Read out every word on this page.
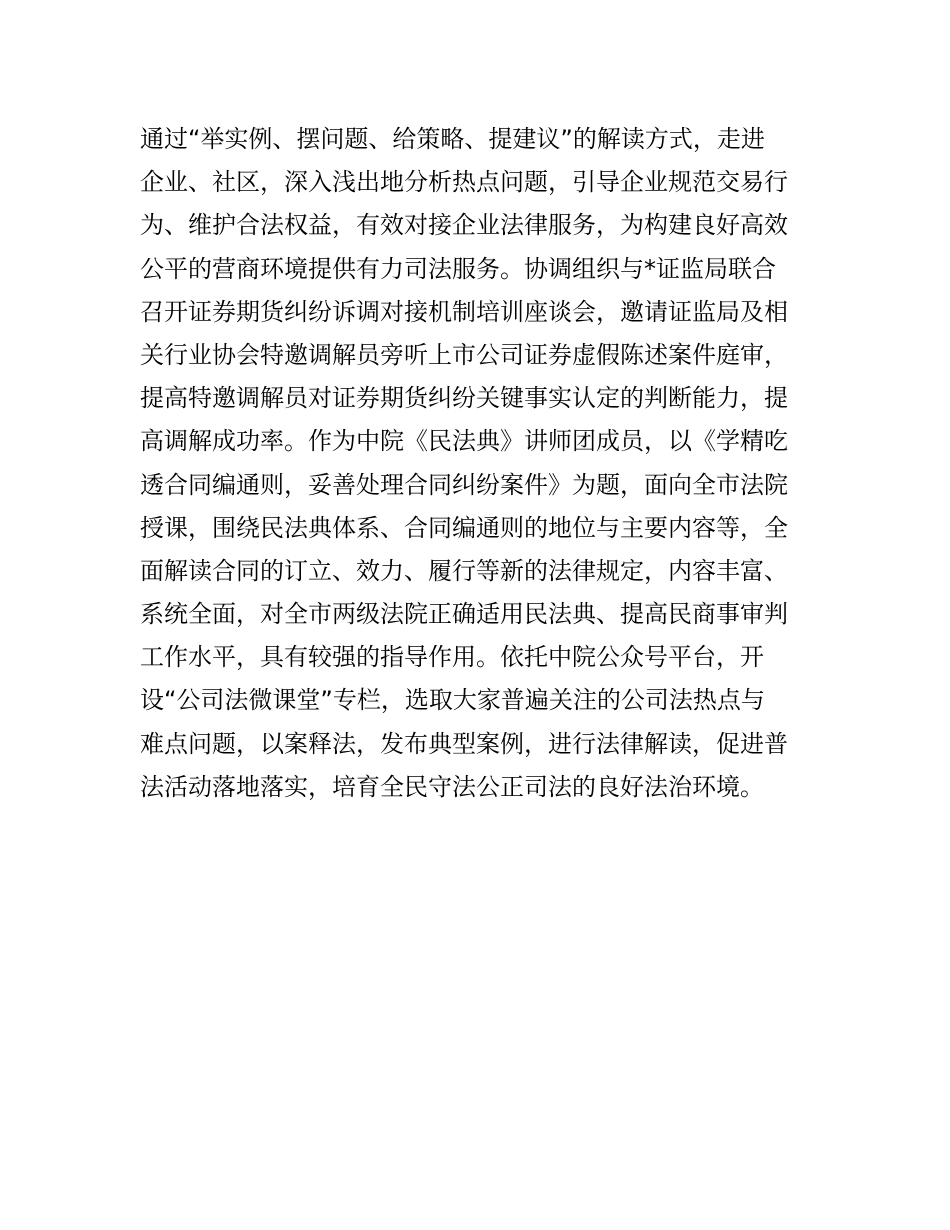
通过“举实例、摆问题、给策略、提建议”的解读方式，走进
企业、社区，深入浅出地分析热点问题，引导企业规范交易行
为、维护合法权益，有效对接企业法律服务，为构建良好高效
公平的营商环境提供有力司法服务。协调组织与*证监局联合
召开证券期货纠纷诉调对接机制培训座谈会，邀请证监局及相
关行业协会特邀调解员旁听上市公司证券虚假陈述案件庭审，
提高特邀调解员对证券期货纠纷关键事实认定的判断能力，提
高调解成功率。作为中院《民法典》讲师团成员，以《学精吃
透合同编通则，妥善处理合同纠纷案件》为题，面向全市法院
授课，围绕民法典体系、合同编通则的地位与主要内容等，全
面解读合同的订立、效力、履行等新的法律规定，内容丰富、
系统全面，对全市两级法院正确适用民法典、提高民商事审判
工作水平，具有较强的指导作用。依托中院公众号平台，开
设“公司法微课堂”专栏，选取大家普遍关注的公司法热点与
难点问题，以案释法，发布典型案例，进行法律解读，促进普
法活动落地落实，培育全民守法公正司法的良好法治环境。
